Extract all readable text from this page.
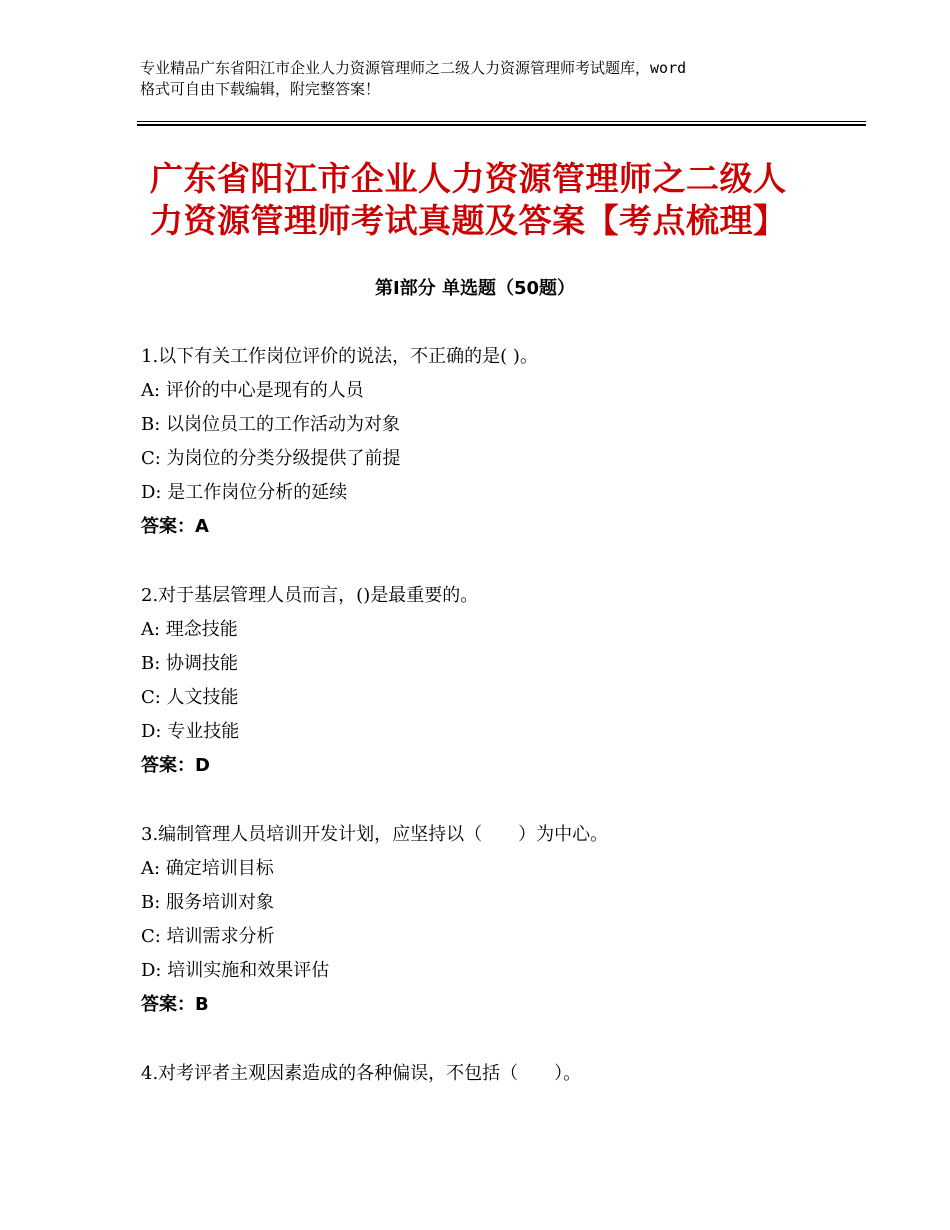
专业精品广东省阳江市企业人力资源管理师之二级人力资源管理师考试题库，word
格式可自由下载编辑，附完整答案！
广东省阳江市企业人力资源管理师之二级人
力资源管理师考试真题及答案【考点梳理】
第Ⅰ部分 单选题（50题）
1.以下有关工作岗位评价的说法，不正确的是( )。
A: 评价的中心是现有的人员
B: 以岗位员工的工作活动为对象
C: 为岗位的分类分级提供了前提
D: 是工作岗位分析的延续
答案：A
2.对于基层管理人员而言，()是最重要的。
A: 理念技能
B: 协调技能
C: 人文技能
D: 专业技能
答案：D
3.编制管理人员培训开发计划，应坚持以（　　）为中心。
A: 确定培训目标
B: 服务培训对象
C: 培训需求分析
D: 培训实施和效果评估
答案：B
4.对考评者主观因素造成的各种偏误，不包括（　　）。
